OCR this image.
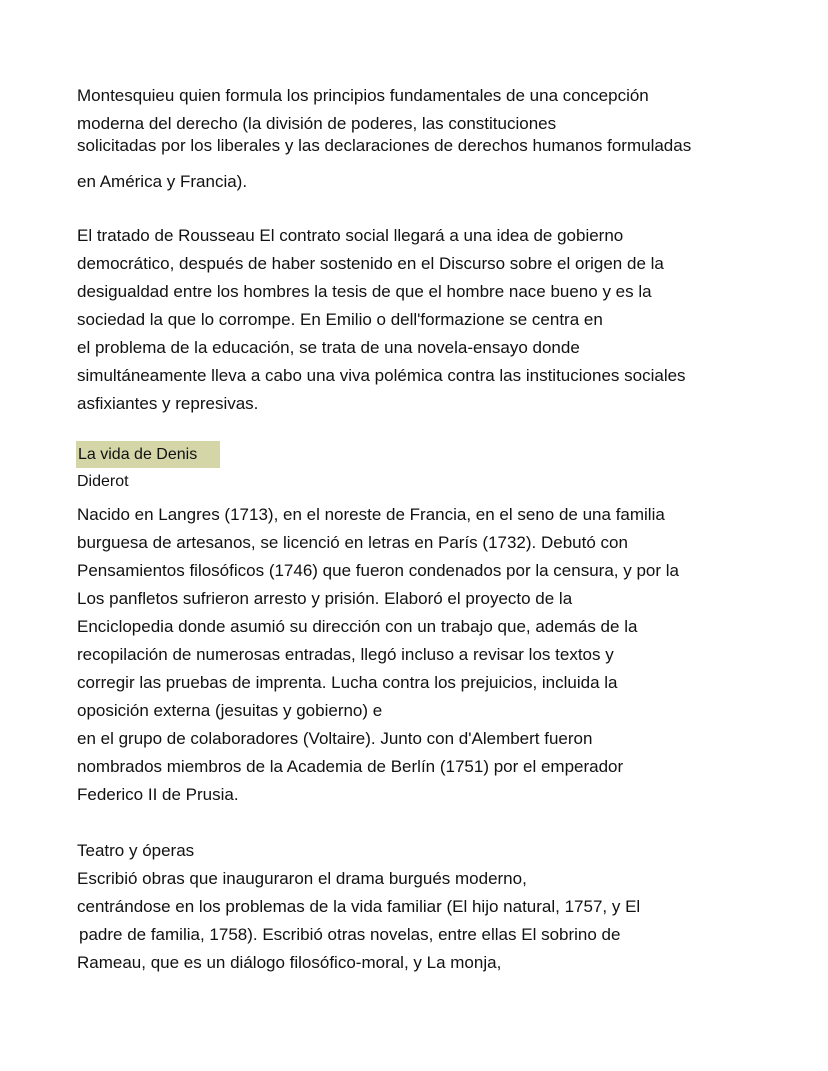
Montesquieu quien formula los principios fundamentales de una concepción
moderna del derecho (la división de poderes, las constituciones
solicitadas por los liberales y las declaraciones de derechos humanos formuladas
en América y Francia).
El tratado de Rousseau El contrato social llegará a una idea de gobierno
democrático, después de haber sostenido en el Discurso sobre el origen de la
desigualdad entre los hombres la tesis de que el hombre nace bueno y es la
sociedad la que lo corrompe. En Emilio o dell'formazione se centra en
el problema de la educación, se trata de una novela-ensayo donde
simultáneamente lleva a cabo una viva polémica contra las instituciones sociales
asfixiantes y represivas.
La vida de Denis
Diderot
Nacido en Langres (1713), en el noreste de Francia, en el seno de una familia
burguesa de artesanos, se licenció en letras en París (1732). Debutó con
Pensamientos filosóficos (1746) que fueron condenados por la censura, y por la
Los panfletos sufrieron arresto y prisión. Elaboró el proyecto de la
Enciclopedia donde asumió su dirección con un trabajo que, además de la
recopilación de numerosas entradas, llegó incluso a revisar los textos y
corregir las pruebas de imprenta. Lucha contra los prejuicios, incluida la
oposición externa (jesuitas y gobierno) e
en el grupo de colaboradores (Voltaire). Junto con d'Alembert fueron
nombrados miembros de la Academia de Berlín (1751) por el emperador
Federico II de Prusia.
Teatro y óperas
Escribió obras que inauguraron el drama burgués moderno,
centrándose en los problemas de la vida familiar (El hijo natural, 1757, y El
padre de familia, 1758). Escribió otras novelas, entre ellas El sobrino de
Rameau, que es un diálogo filosófico-moral, y La monja,
